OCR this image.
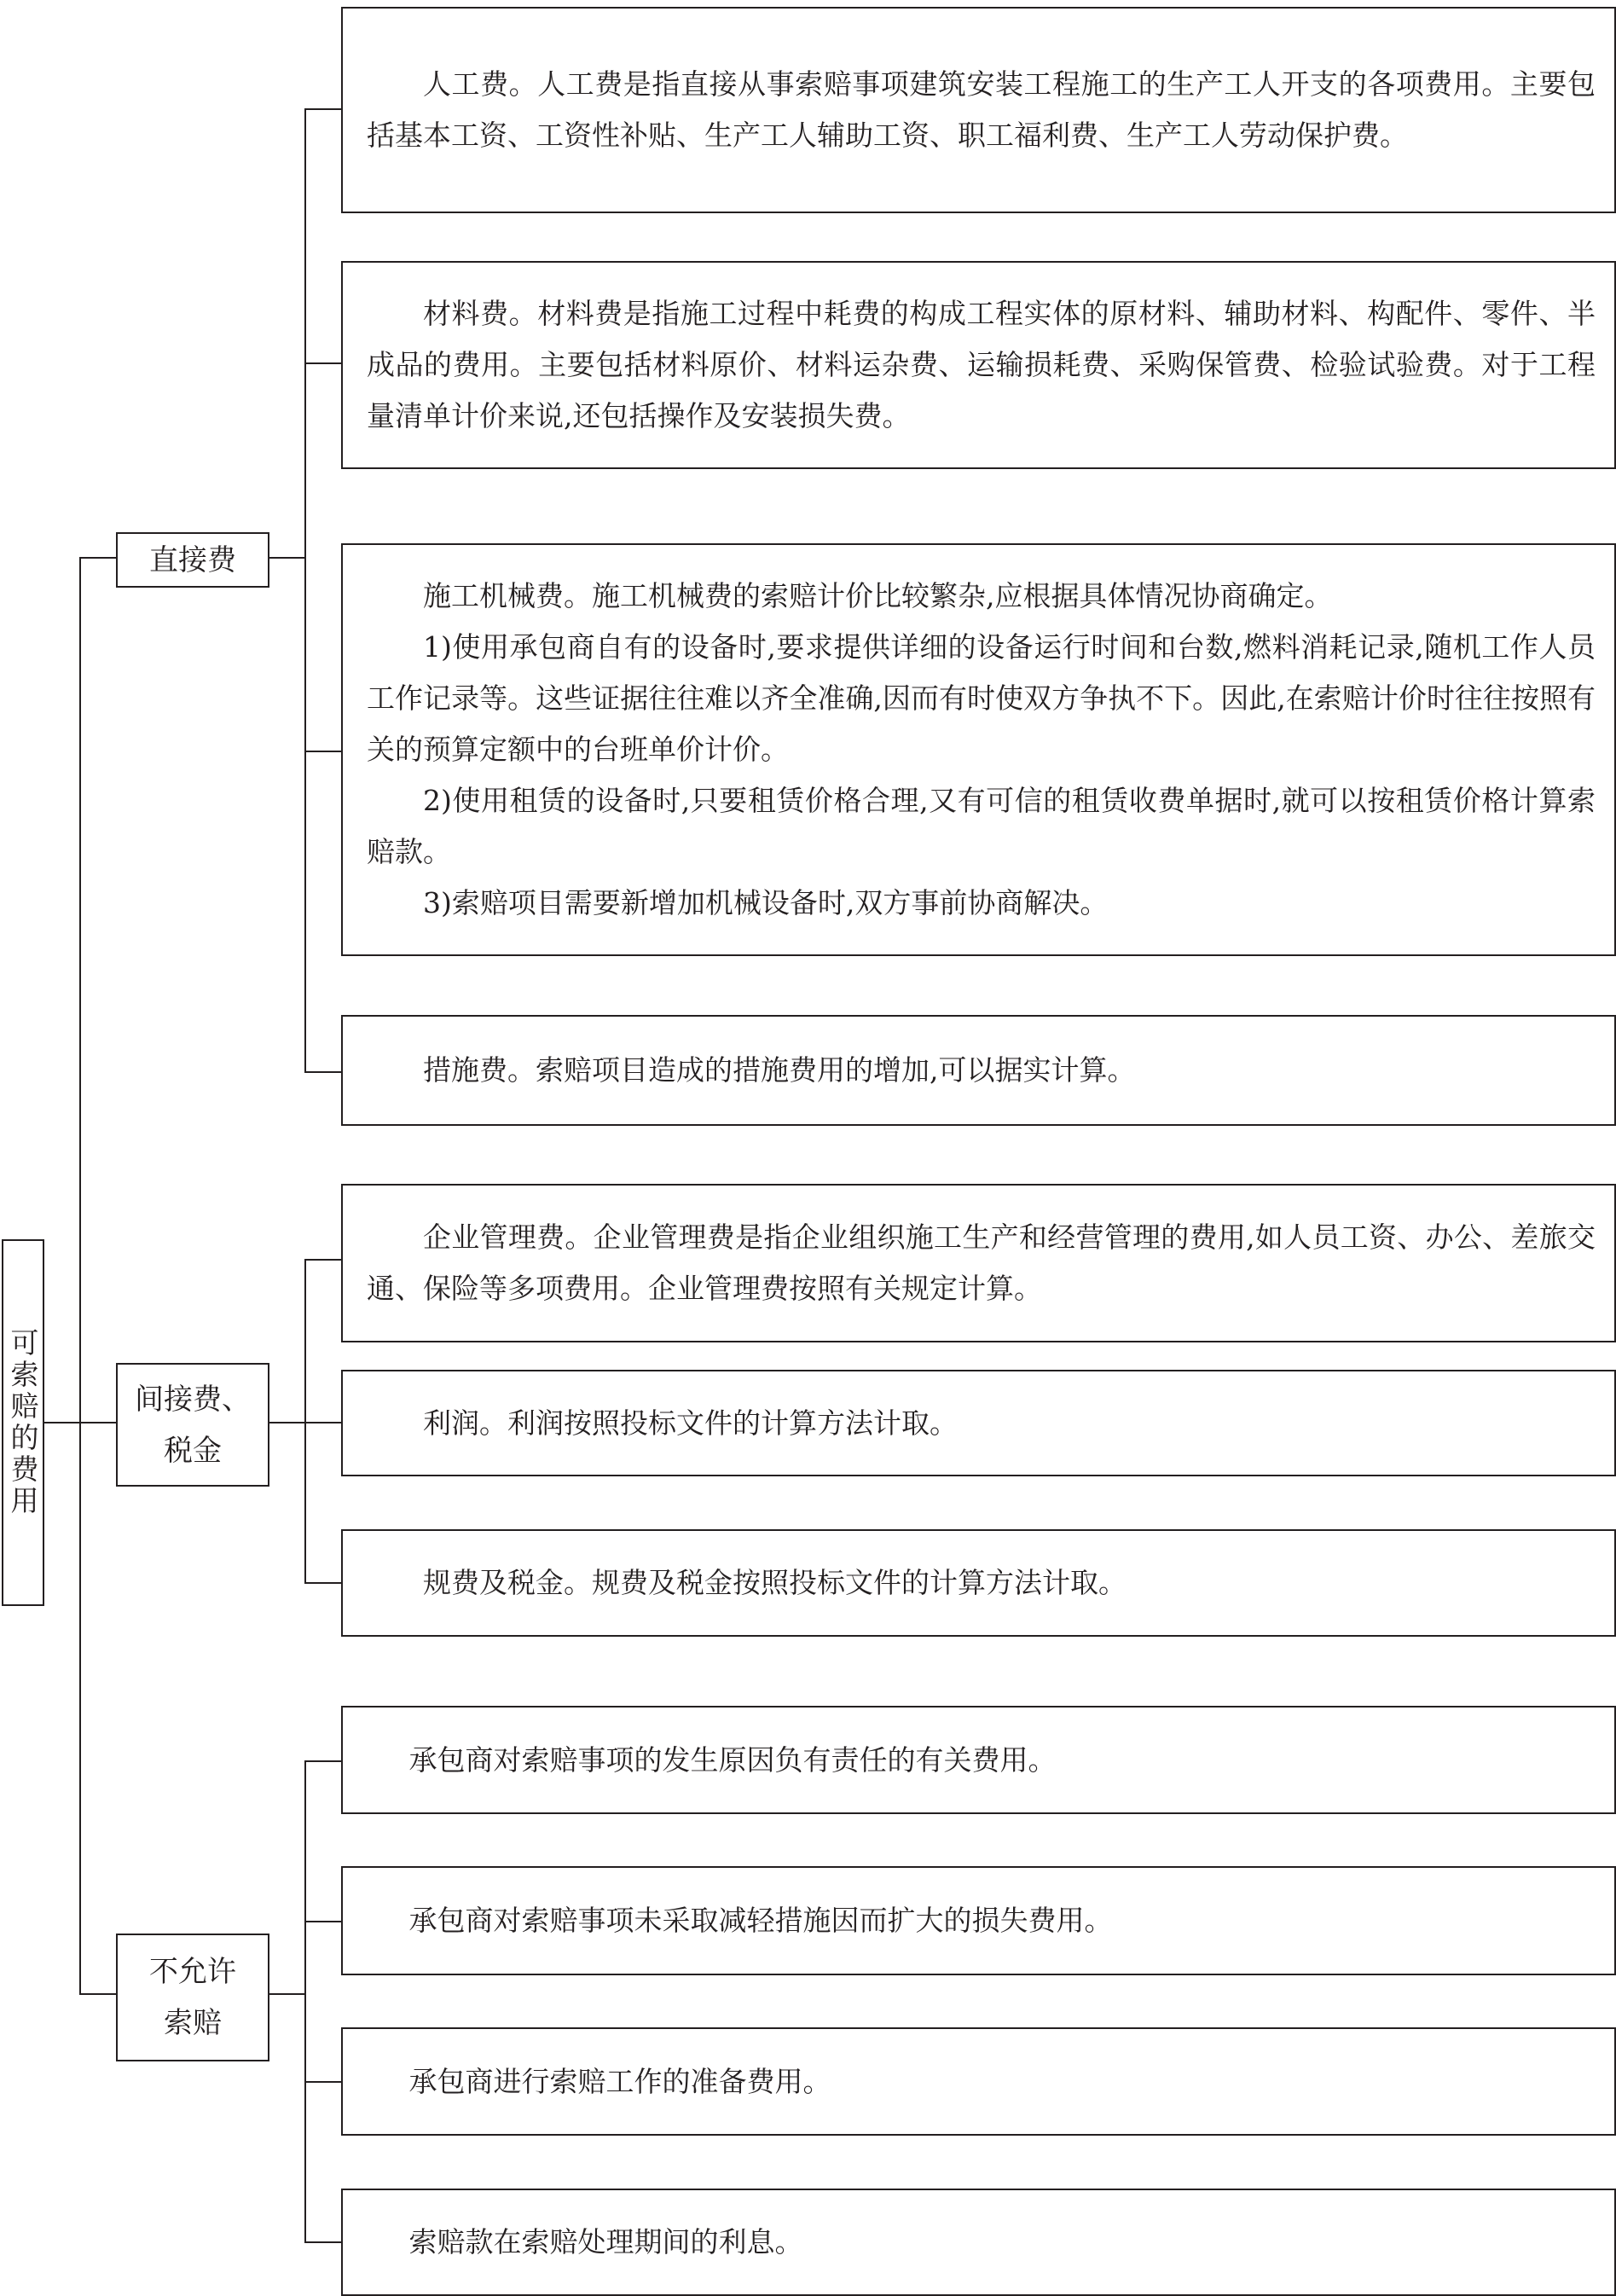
可索赔的费用
直接费
间接费、税金
不允许索赔

人工费。人工费是指直接从事索赔事项建筑安装工程施工的生产工人开支的各项费用。主要包括基本工资、工资性补贴、生产工人辅助工资、职工福利费、生产工人劳动保护费。

材料费。材料费是指施工过程中耗费的构成工程实体的原材料、辅助材料、构配件、零件、半成品的费用。主要包括材料原价、材料运杂费、运输损耗费、采购保管费、检验试验费。对于工程量清单计价来说,还包括操作及安装损失费。

施工机械费。施工机械费的索赔计价比较繁杂,应根据具体情况协商确定。

1)使用承包商自有的设备时,要求提供详细的设备运行时间和台数,燃料消耗记录,随机工作人员工作记录等。这些证据往往难以齐全准确,因而有时使双方争执不下。因此,在索赔计价时往往按照有关的预算定额中的台班单价计价。

2)使用租赁的设备时,只要租赁价格合理,又有可信的租赁收费单据时,就可以按租赁价格计算索赔款。

3)索赔项目需要新增加机械设备时,双方事前协商解决。

措施费。索赔项目造成的措施费用的增加,可以据实计算。

企业管理费。企业管理费是指企业组织施工生产和经营管理的费用,如人员工资、办公、差旅交通、保险等多项费用。企业管理费按照有关规定计算。

利润。利润按照投标文件的计算方法计取。

规费及税金。规费及税金按照投标文件的计算方法计取。

承包商对索赔事项的发生原因负有责任的有关费用。

承包商对索赔事项未采取减轻措施因而扩大的损失费用。

承包商进行索赔工作的准备费用。

索赔款在索赔处理期间的利息。
